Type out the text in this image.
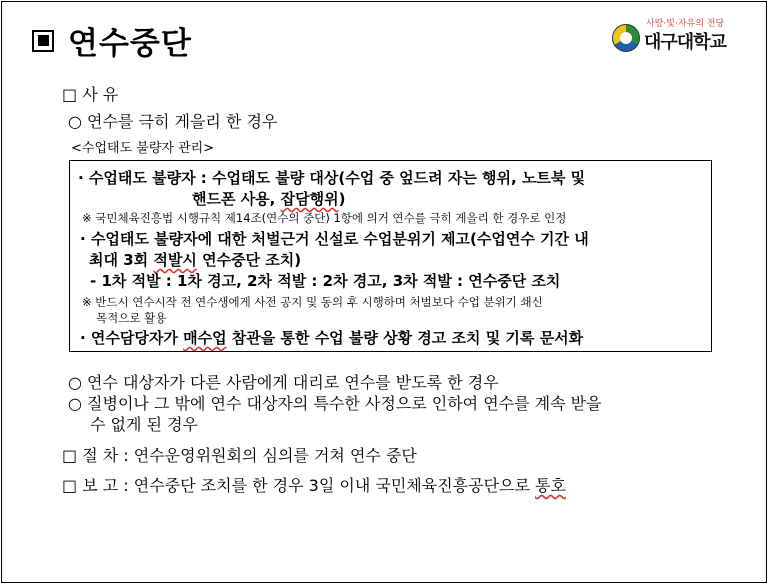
연수중단
사랑·빛·자유의 전당
대구대학교
□ 사 유
○ 연수를 극히 게을리 한 경우
<수업태도 불량자 관리>
· 수업태도 불량자 : 수업태도 불량 대상(수업 중 엎드려 자는 행위, 노트북 및
핸드폰 사용, 잡담행위)
※ 국민체육진흥법 시행규칙 제14조(연수의 중단) 1항에 의거 연수를 극히 게을리 한 경우로 인정
· 수업태도 불량자에 대한 처벌근거 신설로 수업분위기 제고(수업연수 기간 내
최대 3회 적발시 연수중단 조치)
- 1차 적발 : 1차 경고, 2차 적발 : 2차 경고, 3차 적발 : 연수중단 조치
※ 반드시 연수시작 전 연수생에게 사전 공지 및 동의 후 시행하며 처벌보다 수업 분위기 쇄신
목적으로 활용
· 연수담당자가 매수업 참관을 통한 수업 불량 상황 경고 조치 및 기록 문서화
○ 연수 대상자가 다른 사람에게 대리로 연수를 받도록 한 경우
○ 질병이나 그 밖에 연수 대상자의 특수한 사정으로 인하여 연수를 계속 받을
수 없게 된 경우
□ 절 차 : 연수운영위원회의 심의를 거쳐 연수 중단
□ 보 고 : 연수중단 조치를 한 경우 3일 이내 국민체육진흥공단으로 통호
